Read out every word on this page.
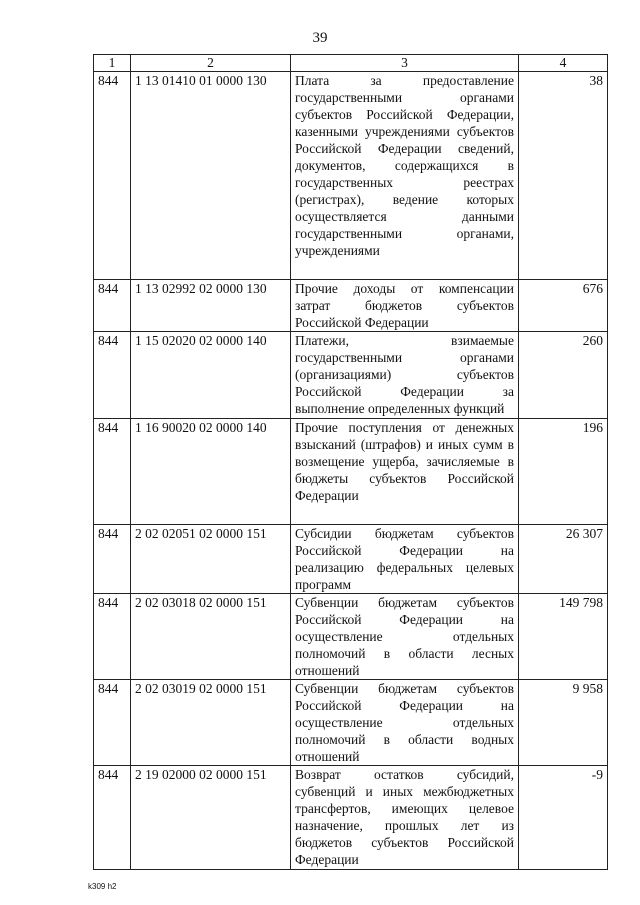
39
1	2	3	4
844	1 13 01410 01 0000 130	Плата за предоставление государственными органами субъектов Российской Федерации, казенными учреждениями субъектов Российской Федерации сведений, документов, содержащихся в государственных реестрах (регистрах), ведение которых осуществляется данными государственными органами, учреждениями	38
844	1 13 02992 02 0000 130	Прочие доходы от компенсации затрат бюджетов субъектов Российской Федерации	676
844	1 15 02020 02 0000 140	Платежи, взимаемые государственными органами (организациями) субъектов Российской Федерации за выполнение определенных функций	260
844	1 16 90020 02 0000 140	Прочие поступления от денежных взысканий (штрафов) и иных сумм в возмещение ущерба, зачисляемые в бюджеты субъектов Российской Федерации	196
844	2 02 02051 02 0000 151	Субсидии бюджетам субъектов Российской Федерации на реализацию федеральных целевых программ	26 307
844	2 02 03018 02 0000 151	Субвенции бюджетам субъектов Российской Федерации на осуществление отдельных полномочий в области лесных отношений	149 798
844	2 02 03019 02 0000 151	Субвенции бюджетам субъектов Российской Федерации на осуществление отдельных полномочий в области водных отношений	9 958
844	2 19 02000 02 0000 151	Возврат остатков субсидий, субвенций и иных межбюджетных трансфертов, имеющих целевое назначение, прошлых лет из бюджетов субъектов Российской Федерации	-9
k309 h2
